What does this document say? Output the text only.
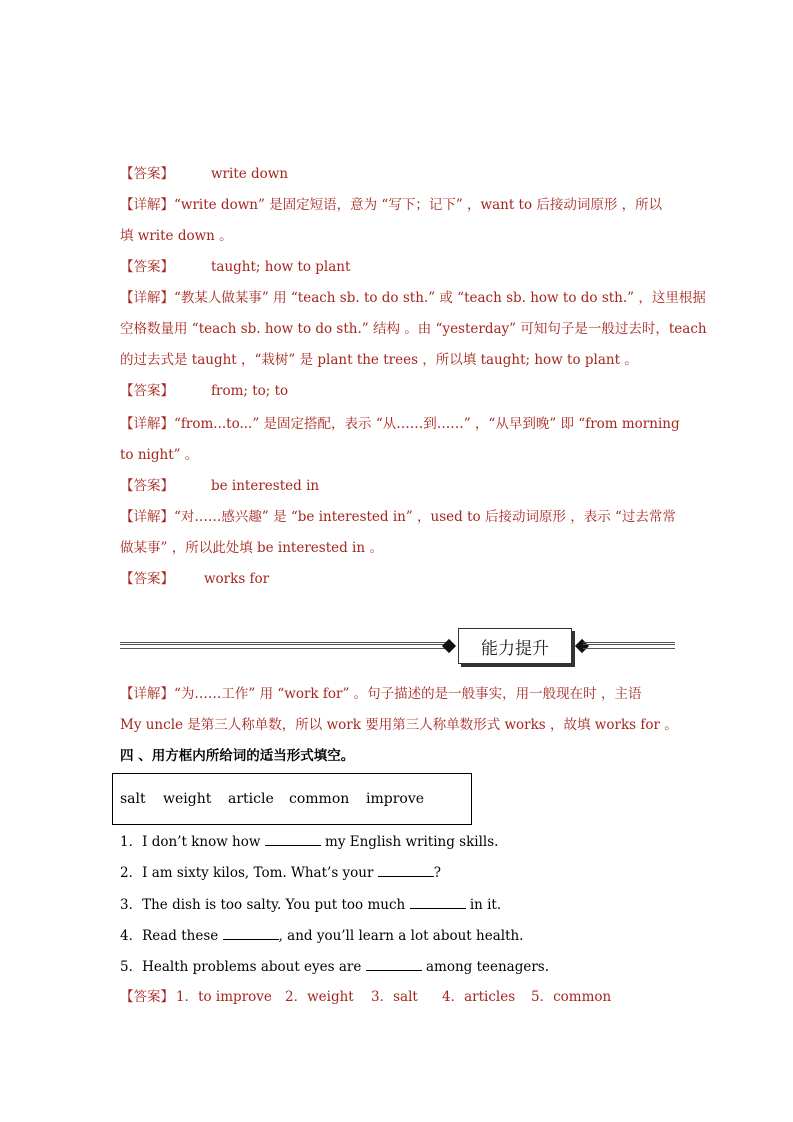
【答案】	write down
【详解】“write down” 是固定短语，意为 “写下；记下” ，want to 后接动词原形 ，所以
填 write down 。
【答案】	taught; how to plant
【详解】“教某人做某事” 用 “teach sb. to do sth.” 或 “teach sb. how to do sth.” ，这里根据
空格数量用 “teach sb. how to do sth.” 结构 。由 “yesterday” 可知句子是一般过去时，teach
的过去式是 taught ，“栽树” 是 plant the trees ，所以填 taught; how to plant 。
【答案】	from; to; to
【详解】“from...to...” 是固定搭配，表示 “从……到……” ，“从早到晚” 即 “from morning
to night” 。
【答案】	be interested in
【详解】“对……感兴趣” 是 “be interested in” ，used to 后接动词原形 ，表示 “过去常常
做某事” ，所以此处填 be interested in 。
【答案】 works for
能力提升
【详解】“为……工作” 用 “work for” 。句子描述的是一般事实，用一般现在时 ，主语
My uncle 是第三人称单数，所以 work 要用第三人称单数形式 works ，故填 works for 。
四 、用方框内所给词的适当形式填空。
salt weight article common improve
1．I don’t know how	my English writing skills.
2．I am sixty kilos, Tom. What’s your	?
3．The dish is too salty. You put too much	in it.
4．Read these	, and you’ll learn a lot about health.
5．Health problems about eyes are	among teenagers.
【答案】 1．to improve 2．weight 3．salt 4．articles 5．common
